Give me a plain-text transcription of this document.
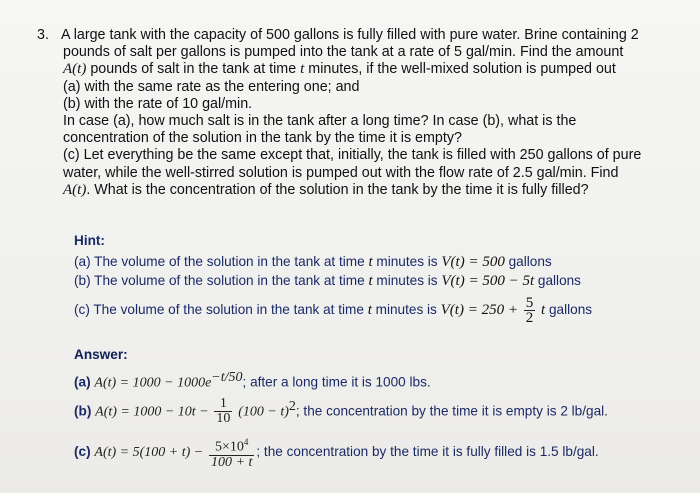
3. A large tank with the capacity of 500 gallons is fully filled with pure water. Brine containing 2
pounds of salt per gallons is pumped into the tank at a rate of 5 gal/min. Find the amount
A(t) pounds of salt in the tank at time t minutes, if the well-mixed solution is pumped out
(a) with the same rate as the entering one; and
(b) with the rate of 10 gal/min.
In case (a), how much salt is in the tank after a long time? In case (b), what is the
concentration of the solution in the tank by the time it is empty?
(c) Let everything be the same except that, initially, the tank is filled with 250 gallons of pure
water, while the well-stirred solution is pumped out with the flow rate of 2.5 gal/min. Find
A(t). What is the concentration of the solution in the tank by the time it is fully filled?
Hint:
(a) The volume of the solution in the tank at time t minutes is V(t) = 500 gallons
(b) The volume of the solution in the tank at time t minutes is V(t) = 500 − 5t gallons
(c) The volume of the solution in the tank at time t minutes is $V(t) = 250 + \frac{5}{2}$ t gallons
Answer:
(a) $A(t) = 1000 - 1000e^{-t/50}$; after a long time it is 1000 lbs.
(b) $A(t) = 1000 - 10t - \frac{1}{10} (100 - t)^2$; the concentration by the time it is empty is 2 lb/gal.
(c) $A(t) = 5(100 + t) - \frac{5\times 10^4}{100 + t}$ ; the concentration by the time it is fully filled is 1.5 lb/gal.
